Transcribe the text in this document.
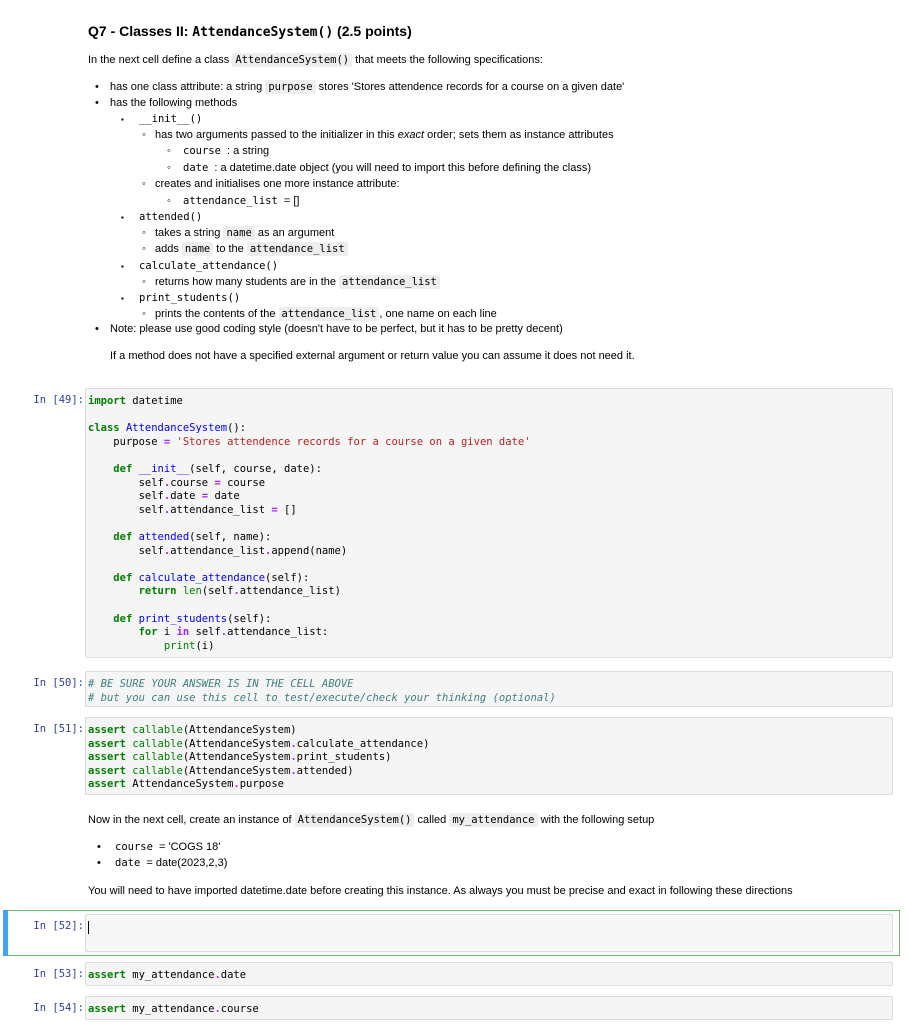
Q7 - Classes II: AttendanceSystem() (2.5 points)
In the next cell define a class AttendanceSystem() that meets the following specifications:
• has one class attribute: a string purpose stores 'Stores attendence records for a course on a given date'
• has the following methods
▪ __init__()
◦ has two arguments passed to the initializer in this exact order; sets them as instance attributes
◦ course : a string
◦ date : a datetime.date object (you will need to import this before defining the class)
◦ creates and initialises one more instance attribute:
◦ attendance_list = []
▪ attended()
◦ takes a string name as an argument
◦ adds name to the attendance_list
▪ calculate_attendance()
◦ returns how many students are in the attendance_list
▪ print_students()
◦ prints the contents of the attendance_list , one name on each line
• Note: please use good coding style (doesn't have to be perfect, but it has to be pretty decent)
If a method does not have a specified external argument or return value you can assume it does not need it.
In [49]: import datetime

class AttendanceSystem():
purpose = 'Stores attendence records for a course on a given date'

def __init__(self, course, date):
self.course = course
self.date = date
self.attendance_list = []

def attended(self, name):
self.attendance_list.append(name)

def calculate_attendance(self):
return len(self.attendance_list)

def print_students(self):
for i in self.attendance_list:
print(i)
In [50]: # BE SURE YOUR ANSWER IS IN THE CELL ABOVE
# but you can use this cell to test/execute/check your thinking (optional)
In [51]: assert callable(AttendanceSystem)
assert callable(AttendanceSystem.calculate_attendance)
assert callable(AttendanceSystem.print_students)
assert callable(AttendanceSystem.attended)
assert AttendanceSystem.purpose
Now in the next cell, create an instance of AttendanceSystem() called my_attendance with the following setup
• course = 'COGS 18'
• date = date(2023,2,3)
You will need to have imported datetime.date before creating this instance. As always you must be precise and exact in following these directions
In [52]:
In [53]: assert my_attendance.date
In [54]: assert my_attendance.course
